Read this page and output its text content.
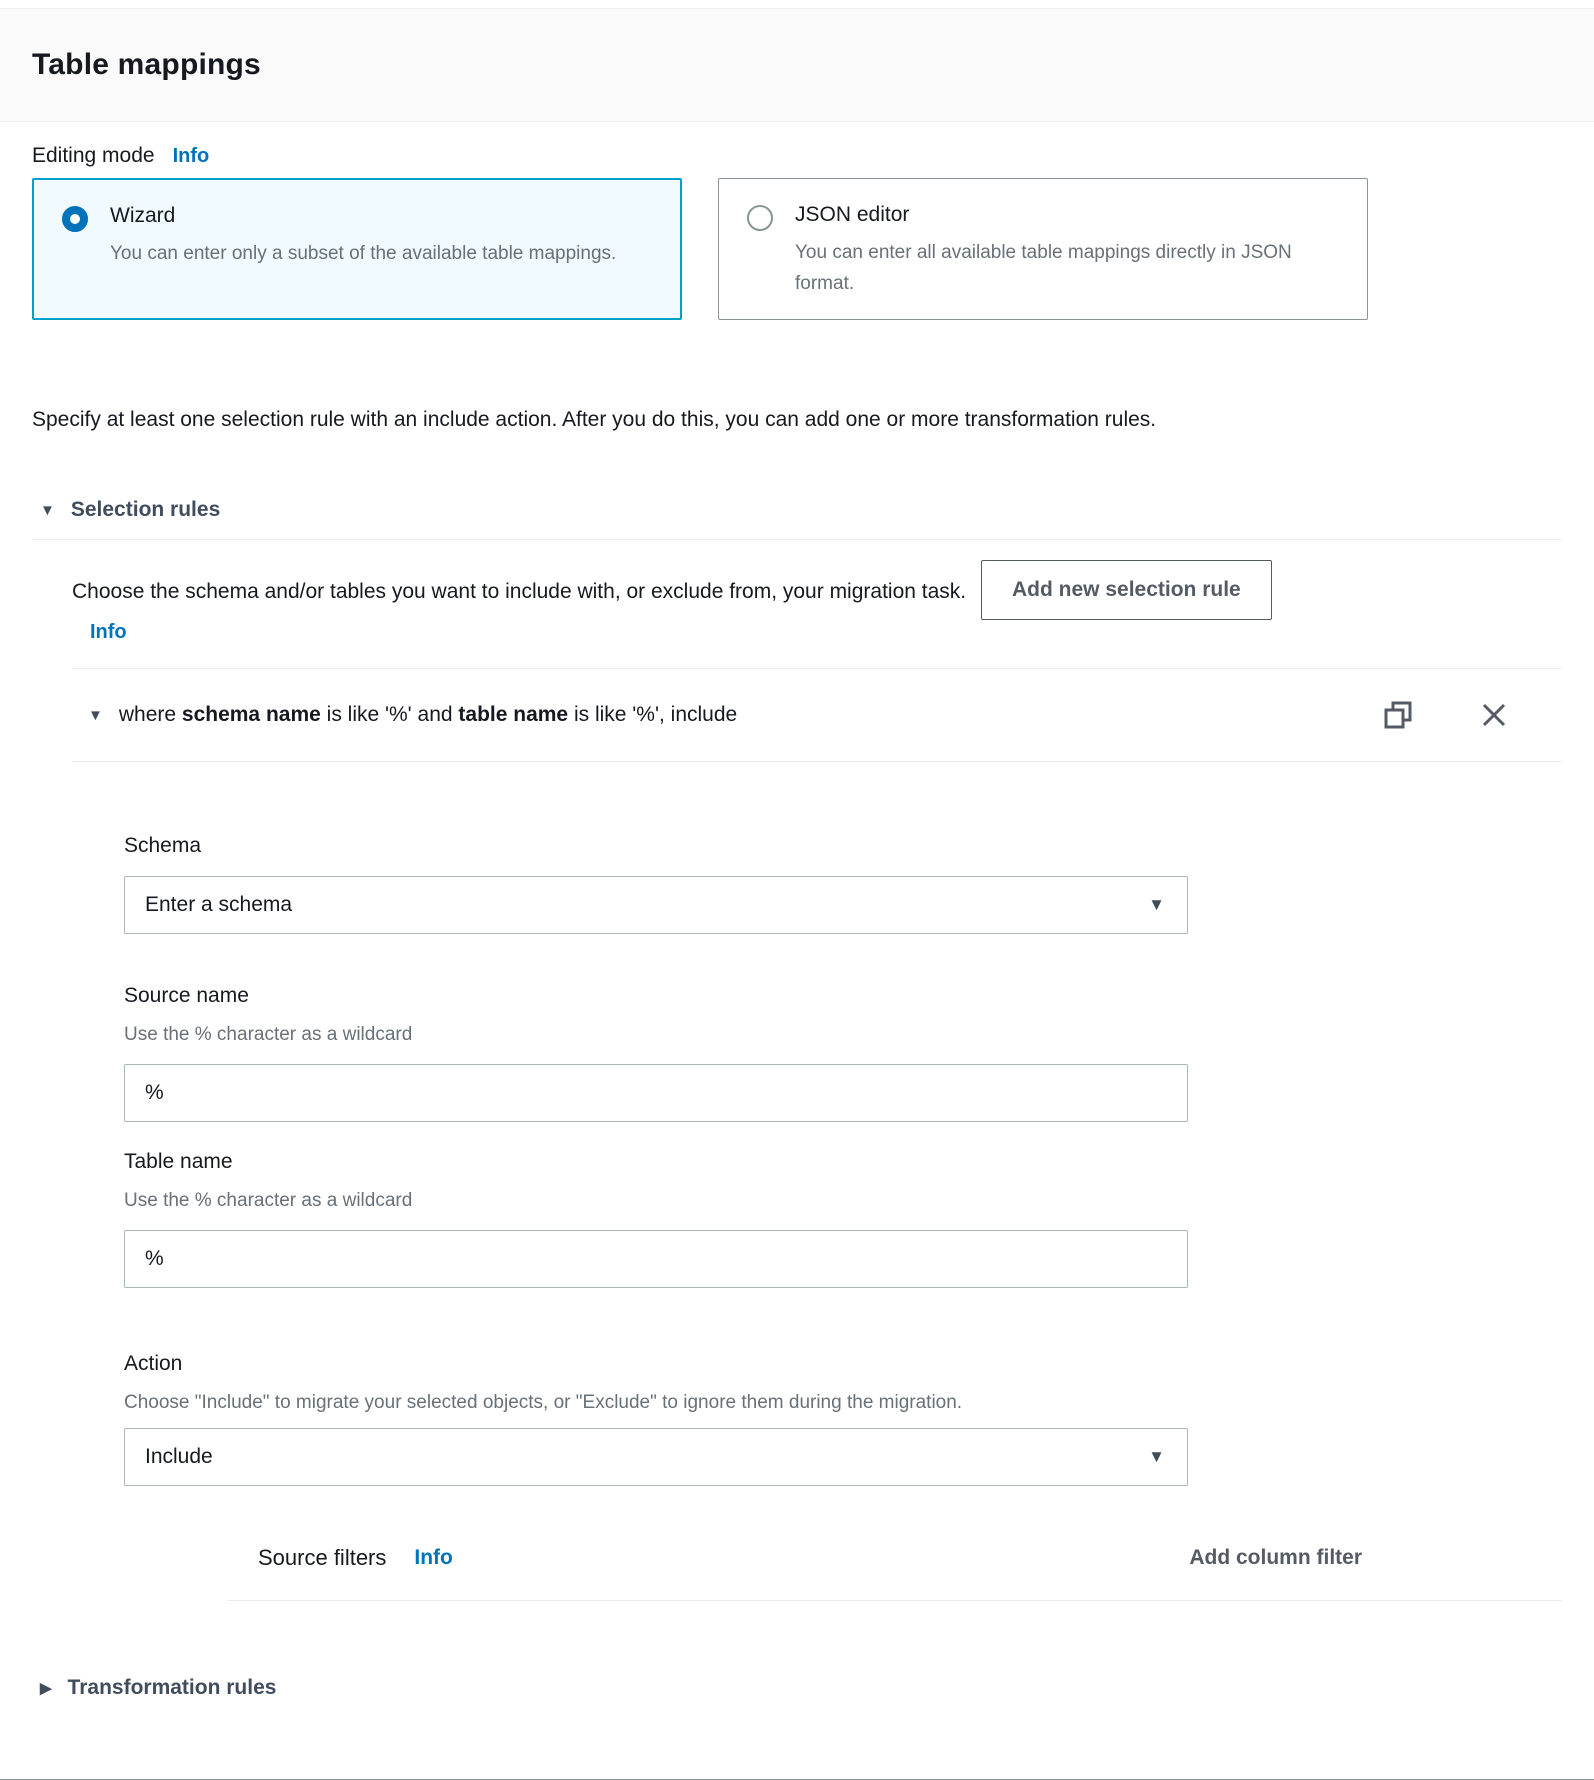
Table mappings
Editing mode Info
Wizard
You can enter only a subset of the available table mappings.
JSON editor
You can enter all available table mappings directly in JSON format.

Specify at least one selection rule with an include action. After you do this, you can add one or more transformation rules.

▼ Selection rules
Choose the schema and/or tables you want to include with, or exclude from, your migration task. Info
Add new selection rule
▼ where schema name is like '%' and table name is like '%', include
Schema
Enter a schema	▼
Source name
Use the % character as a wildcard
%
Table name
Use the % character as a wildcard
%
Action
Choose "Include" to migrate your selected objects, or "Exclude" to ignore them during the migration.
Include	▼
Source filters Info	Add column filter
▶ Transformation rules
